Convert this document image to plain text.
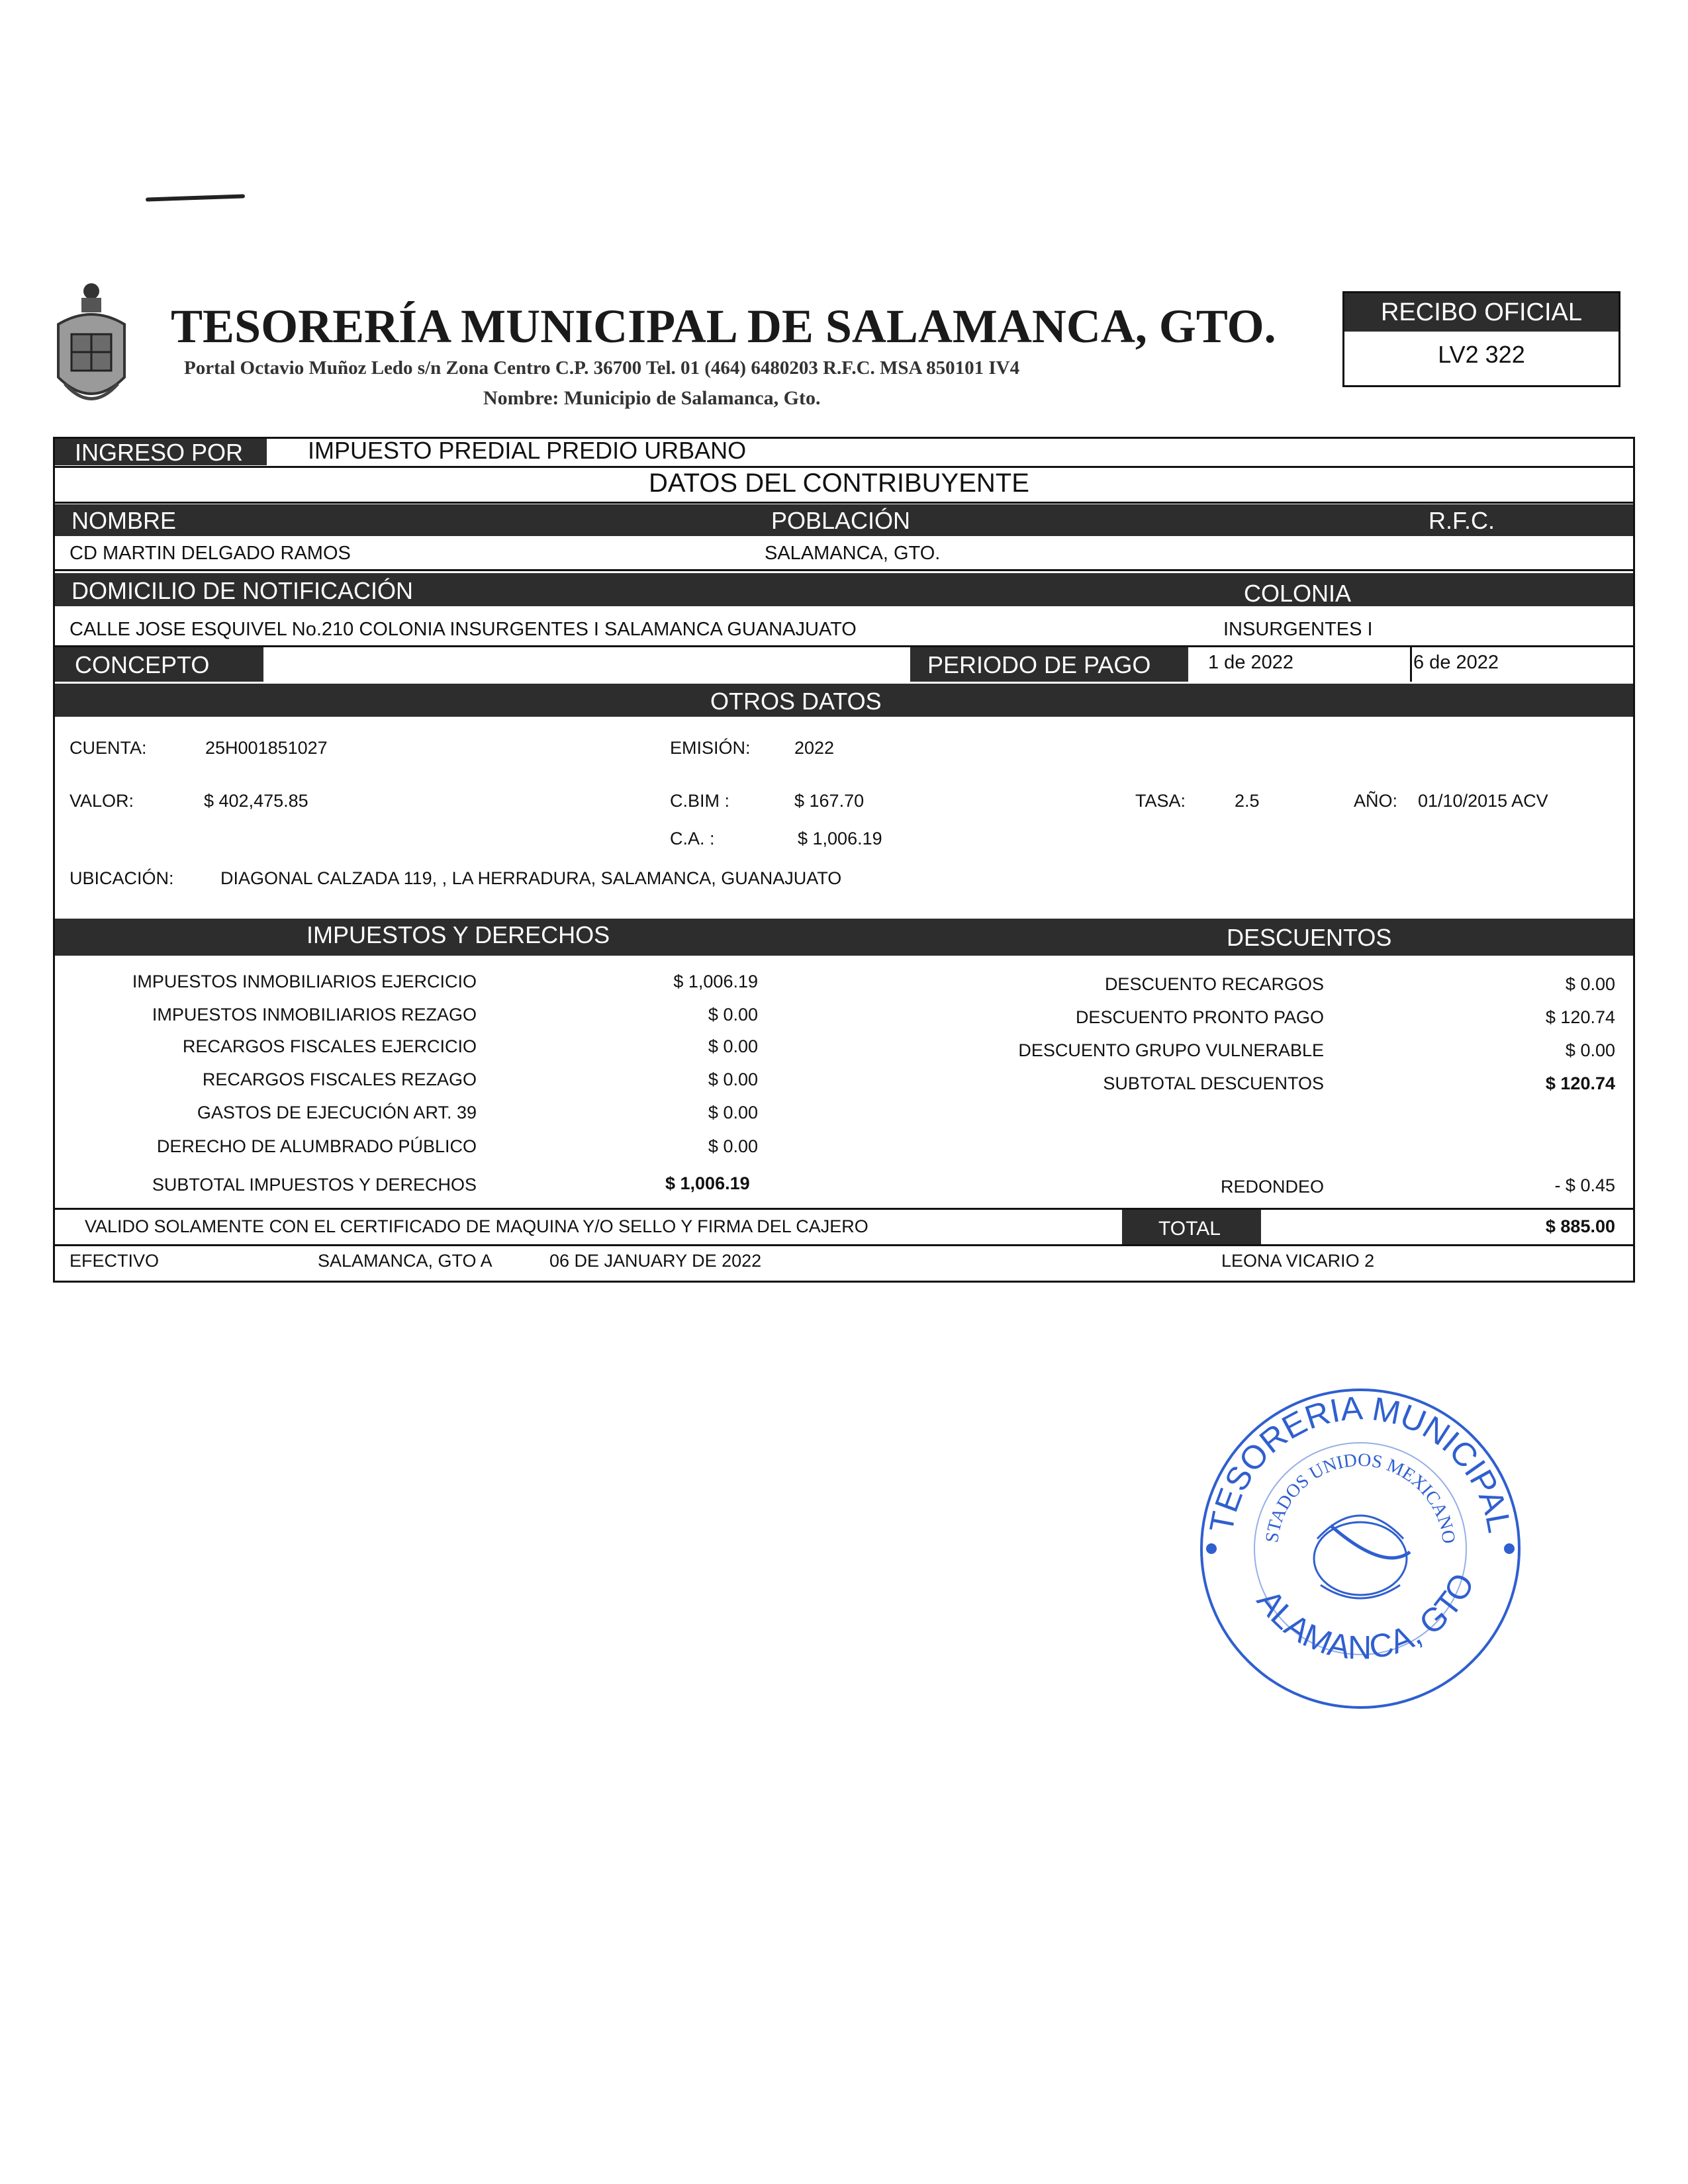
TESORERÍA MUNICIPAL DE SALAMANCA, GTO.
Portal Octavio Muñoz Ledo s/n Zona Centro C.P. 36700 Tel. 01 (464) 6480203 R.F.C. MSA 850101 IV4
Nombre: Municipio de Salamanca, Gto.
RECIBO OFICIAL
LV2 322
INGRESO POR	IMPUESTO PREDIAL PREDIO URBANO
DATOS DEL CONTRIBUYENTE
NOMBRE	POBLACIÓN	R.F.C.
CD MARTIN DELGADO RAMOS	SALAMANCA, GTO.
DOMICILIO DE NOTIFICACIÓN	COLONIA
CALLE JOSE ESQUIVEL No.210 COLONIA INSURGENTES I SALAMANCA GUANAJUATO	INSURGENTES I
CONCEPTO	PERIODO DE PAGO	1 de 2022	6 de 2022
OTROS DATOS
CUENTA:	25H001851027	EMISIÓN: 2022
VALOR:	$ 402,475.85	C.BIM :	$ 167.70	TASA:	2.5	AÑO: 01/10/2015 ACV
C.A. :	$ 1,006.19
UBICACIÓN:	DIAGONAL CALZADA 119, , LA HERRADURA, SALAMANCA, GUANAJUATO
IMPUESTOS Y DERECHOS	DESCUENTOS
IMPUESTOS INMOBILIARIOS EJERCICIO	$ 1,006.19
IMPUESTOS INMOBILIARIOS REZAGO	$ 0.00
RECARGOS FISCALES EJERCICIO	$ 0.00
RECARGOS FISCALES REZAGO	$ 0.00
GASTOS DE EJECUCIÓN ART. 39	$ 0.00
DERECHO DE ALUMBRADO PÚBLICO	$ 0.00
SUBTOTAL IMPUESTOS Y DERECHOS	$ 1,006.19
DESCUENTO RECARGOS	$ 0.00
DESCUENTO PRONTO PAGO	$ 120.74
DESCUENTO GRUPO VULNERABLE	$ 0.00
SUBTOTAL DESCUENTOS	$ 120.74
REDONDEO	- $ 0.45
VALIDO SOLAMENTE CON EL CERTIFICADO DE MAQUINA Y/O SELLO Y FIRMA DEL CAJERO	TOTAL	$ 885.00
EFECTIVO	SALAMANCA, GTO A	06 DE JANUARY DE 2022	LEONA VICARIO 2
TESORERIA MUNICIPAL
STADOS UNIDOS MEXICANO
ALAMANCA, GTO
